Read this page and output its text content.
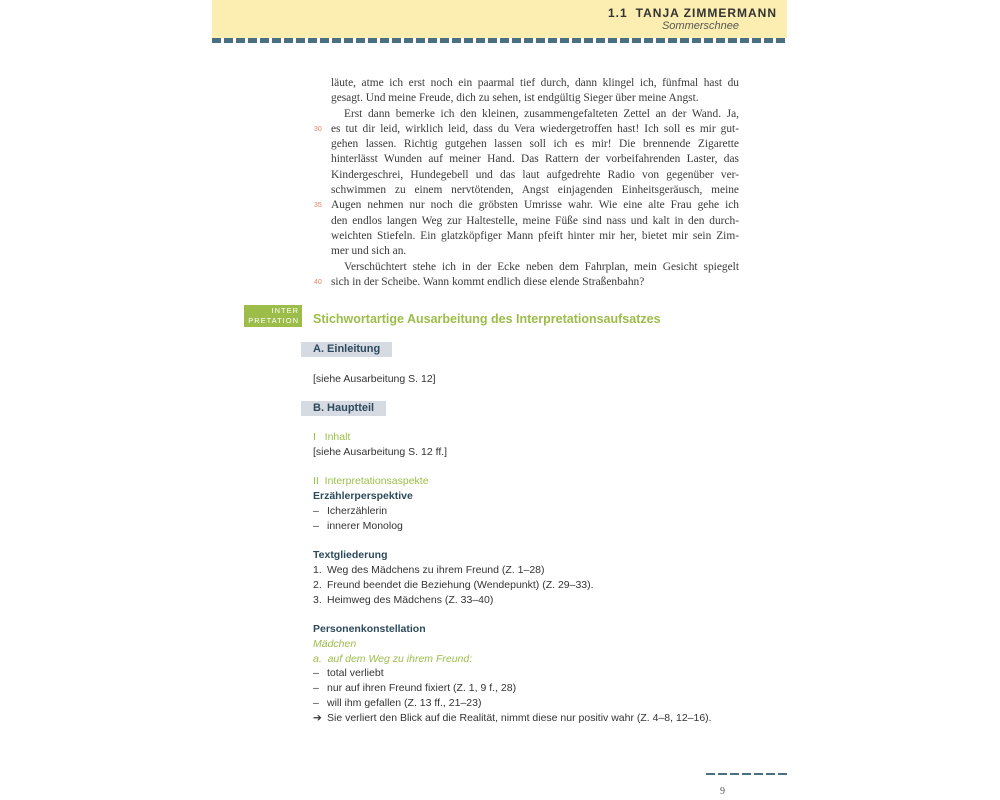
1.1 TANJA ZIMMERMANN
Sommerschnee
läute, atme ich erst noch ein paarmal tief durch, dann klingel ich, fünfmal hast du
gesagt. Und meine Freude, dich zu sehen, ist endgültig Sieger über meine Angst.
Erst dann bemerke ich den kleinen, zusammengefalteten Zettel an der Wand. Ja,
30 es tut dir leid, wirklich leid, dass du Vera wiedergetroffen hast! Ich soll es mir gut-
gehen lassen. Richtig gutgehen lassen soll ich es mir! Die brennende Zigarette
hinterlässt Wunden auf meiner Hand. Das Rattern der vorbeifahrenden Laster, das
Kindergeschrei, Hundegebell und das laut aufgedrehte Radio von gegenüber ver-
schwimmen zu einem nervtötenden, Angst einjagenden Einheitsgeräusch, meine
35 Augen nehmen nur noch die gröbsten Umrisse wahr. Wie eine alte Frau gehe ich
den endlos langen Weg zur Haltestelle, meine Füße sind nass und kalt in den durch-
weichten Stiefeln. Ein glatzköpfiger Mann pfeift hinter mir her, bietet mir sein Zim-
mer und sich an.
Verschüchtert stehe ich in der Ecke neben dem Fahrplan, mein Gesicht spiegelt
40 sich in der Scheibe. Wann kommt endlich diese elende Straßenbahn?
INTER
PRETATION Stichwortartige Ausarbeitung des Interpretationsaufsatzes
A. Einleitung
[siehe Ausarbeitung S. 12]
B. Hauptteil
I   Inhalt
[siehe Ausarbeitung S. 12 ff.]
II  Interpretationsaspekte
Erzählerperspektive
– Icherzählerin
– innerer Monolog
Textgliederung
1. Weg des Mädchens zu ihrem Freund (Z. 1–28)
2. Freund beendet die Beziehung (Wendepunkt) (Z. 29–33).
3. Heimweg des Mädchens (Z. 33–40)
Personenkonstellation
Mädchen
a.  auf dem Weg zu ihrem Freund:
– total verliebt
– nur auf ihren Freund fixiert (Z. 1, 9 f., 28)
– will ihm gefallen (Z. 13 ff., 21–23)
➔ Sie verliert den Blick auf die Realität, nimmt diese nur positiv wahr (Z. 4–8, 12–16).
9
